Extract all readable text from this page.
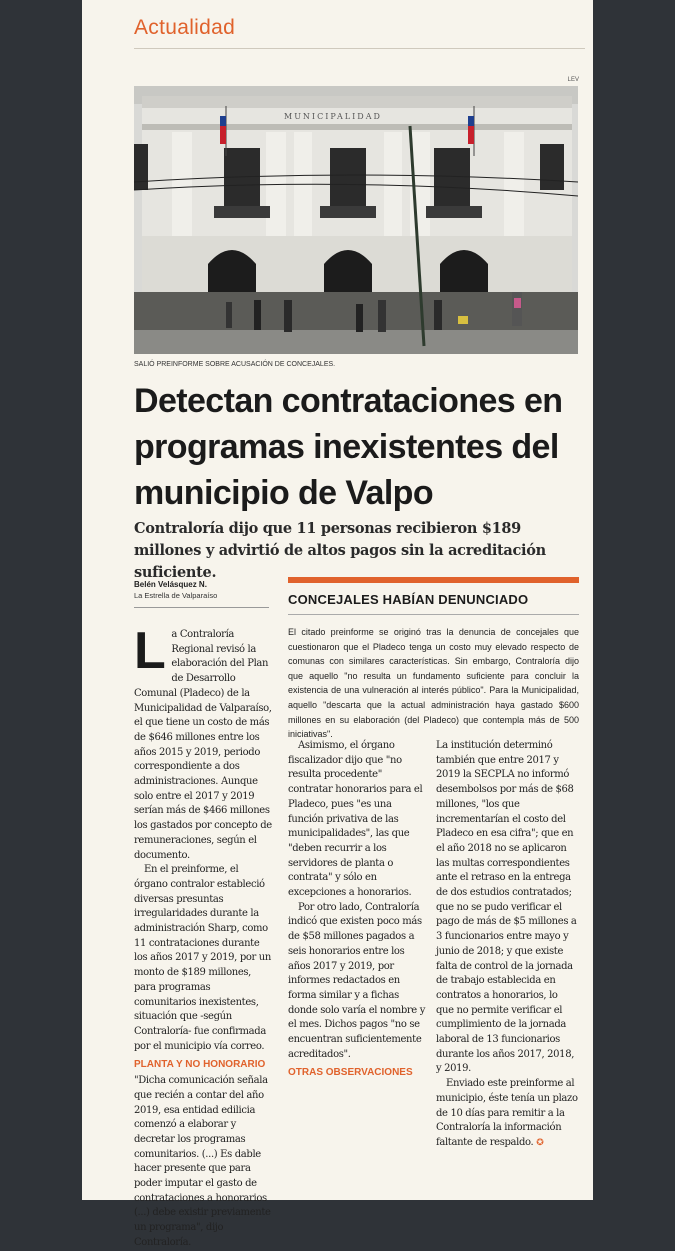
Actualidad
LEV
MUNICIPALIDAD
SALIÓ PREINFORME SOBRE ACUSACIÓN DE CONCEJALES.
Detectan contrataciones en programas inexistentes del municipio de Valpo

Contraloría dijo que 11 personas recibieron $189 millones y advirtió de altos pagos sin la acreditación suficiente.

Belén Velásquez N.
La Estrella de Valparaíso	CONCEJALES HABÍAN DENUNCIADO

El citado preinforme se originó tras la denuncia de concejales que cuestionaron que el Pladeco tenga un costo muy elevado respecto de comunas con similares características. Sin embargo, Contraloría dijo que aquello "no resulta un fundamento suficiente para concluir la existencia de una vulneración al interés público". Para la Municipalidad, aquello "descarta que la actual administración haya gastado $600 millones en su elaboración (del Pladeco) que contempla más de 500 iniciativas".

La Contraloría Regional revisó la elaboración del Plan de Desarrollo Comunal (Pladeco) de la Municipalidad de Valparaíso, el que tiene un costo de más de $646 millones entre los años 2015 y 2019, periodo correspondiente a dos administraciones. Aunque solo entre el 2017 y 2019 serían más de $466 millones los gastados por concepto de remuneraciones, según el documento.

En el preinforme, el órgano contralor estableció diversas presuntas irregularidades durante la administración Sharp, como 11 contrataciones durante los años 2017 y 2019, por un monto de $189 millones, para programas comunitarios inexistentes, situación que -según Contraloría- fue confirmada por el municipio vía correo.

PLANTA Y NO HONORARIO

"Dicha comunicación señala que recién a contar del año 2019, esa entidad edilicia comenzó a elaborar y decretar los programas comunitarios. (...) Es dable hacer presente que para poder imputar el gasto de contrataciones a honorarios (...) debe existir previamente un programa", dijo Contraloría.

Asimismo, el órgano fiscalizador dijo que "no resulta procedente" contratar honorarios para el Pladeco, pues "es una función privativa de las municipalidades", las que "deben recurrir a los servidores de planta o contrata" y sólo en excepciones a honorarios.

Por otro lado, Contraloría indicó que existen poco más de $58 millones pagados a seis honorarios entre los años 2017 y 2019, por informes redactados en forma similar y a fichas donde solo varía el nombre y el mes. Dichos pagos "no se encuentran suficientemente acreditados".

OTRAS OBSERVACIONES

La institución determinó también que entre 2017 y 2019 la SECPLA no informó desembolsos por más de $68 millones, "los que incrementarían el costo del Pladeco en esa cifra"; que en el año 2018 no se aplicaron las multas correspondientes ante el retraso en la entrega de dos estudios contratados; que no se pudo verificar el pago de más de $5 millones a 3 funcionarios entre mayo y junio de 2018; y que existe falta de control de la jornada de trabajo establecida en contratos a honorarios, lo que no permite verificar el cumplimiento de la jornada laboral de 13 funcionarios durante los años 2017, 2018, y 2019.

Enviado este preinforme al municipio, éste tenía un plazo de 10 días para remitir a la Contraloría la información faltante de respaldo. ✪
